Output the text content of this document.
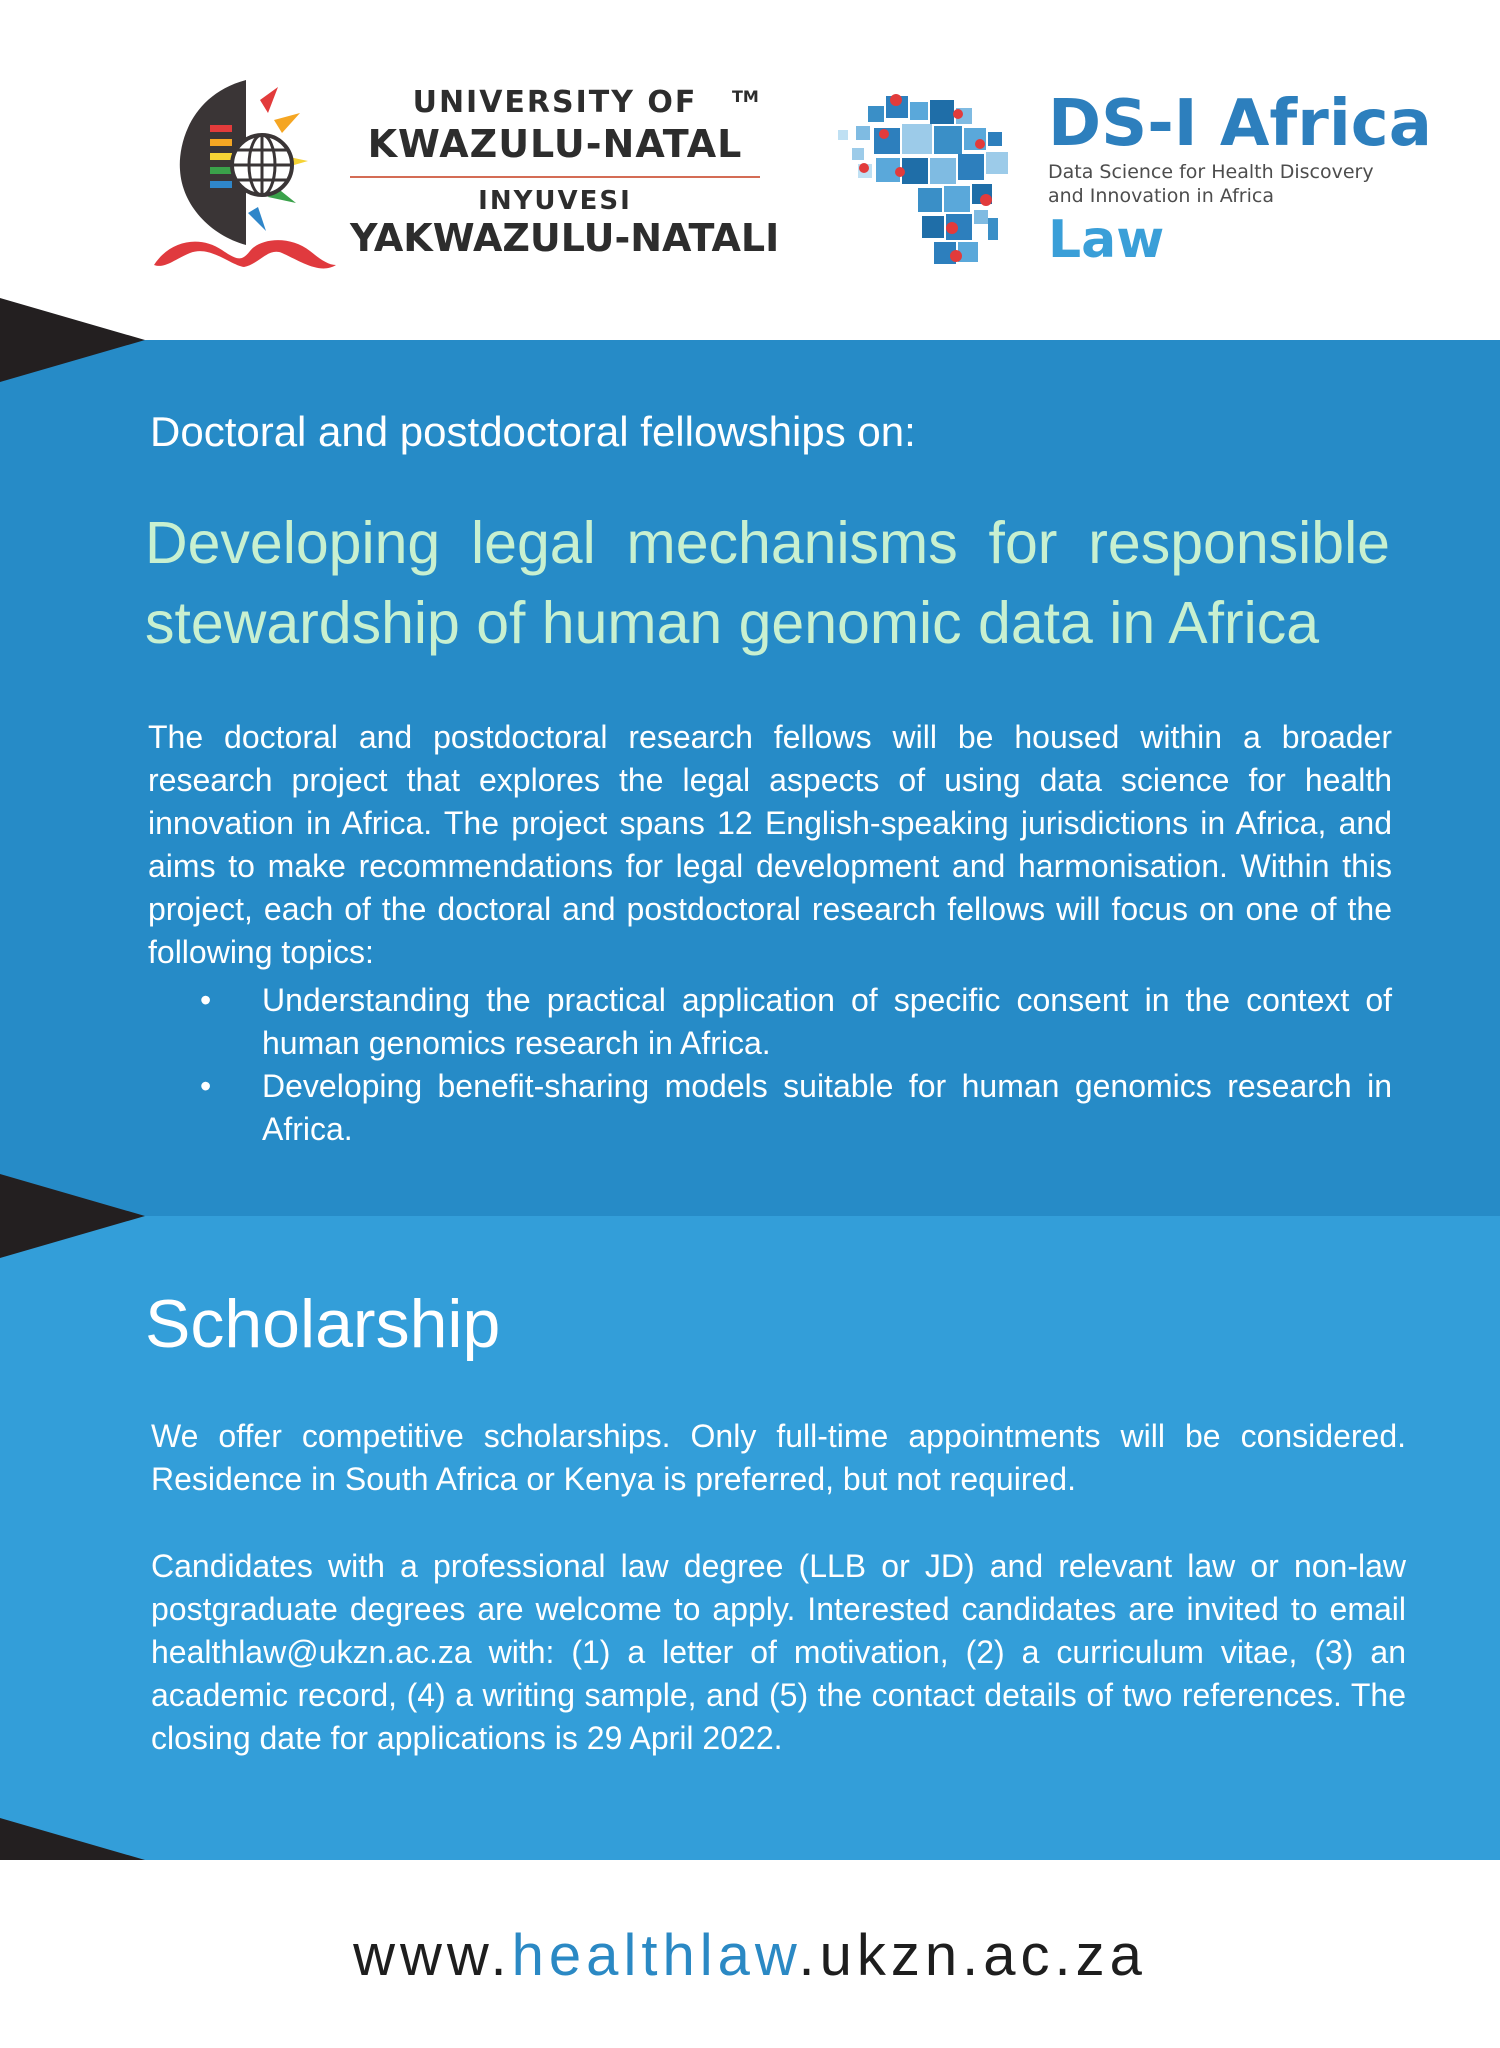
UNIVERSITY OF
KWAZULU-NATAL
INYUVESI
YAKWAZULU-NATALI
TM	DS-I Africa
Data Science for Health Discovery
and Innovation in Africa
Law
Doctoral and postdoctoral fellowships on:
Developing legal mechanisms for responsible stewardship of human genomic data in Africa
The doctoral and postdoctoral research fellows will be housed within a broader research project that explores the legal aspects of using data science for health innovation in Africa. The project spans 12 English-speaking jurisdictions in Africa, and aims to make recommendations for legal development and harmonisation. Within this project, each of the doctoral and postdoctoral research fellows will focus on one of the following topics:
• Understanding the practical application of specific consent in the context of human genomics research in Africa.
• Developing benefit-sharing models suitable for human genomics research in Africa.
Scholarship

We offer competitive scholarships. Only full-time appointments will be considered. Residence in South Africa or Kenya is preferred, but not required.

Candidates with a professional law degree (LLB or JD) and relevant law or non-law postgraduate degrees are welcome to apply. Interested candidates are invited to email healthlaw@ukzn.ac.za with: (1) a letter of motivation, (2) a curriculum vitae, (3) an academic record, (4) a writing sample, and (5) the contact details of two references. The closing date for applications is 29 April 2022.

www.healthlaw.ukzn.ac.za
